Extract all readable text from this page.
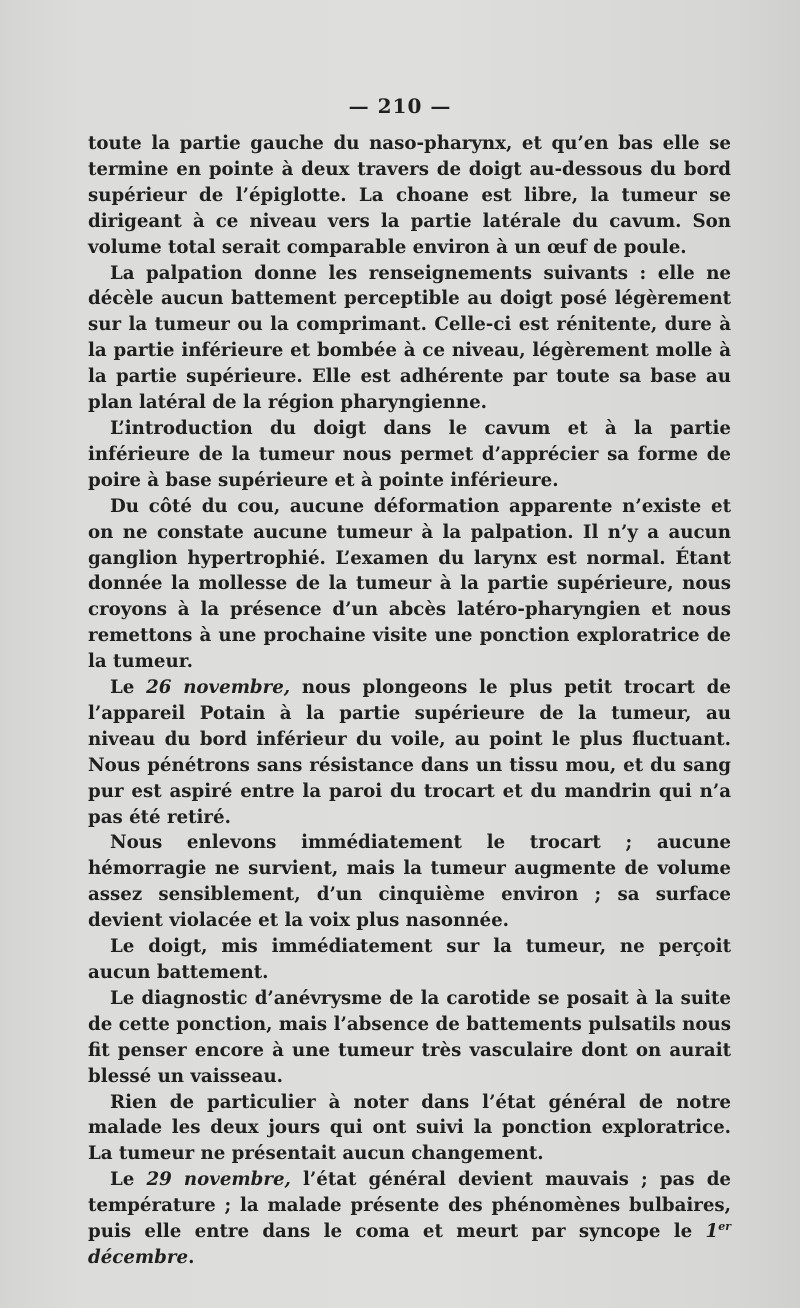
— 210 —

toute la partie gauche du naso-pharynx, et qu’en bas elle se termine en pointe à deux travers de doigt au-dessous du bord supérieur de l’épiglotte. La choane est libre, la tumeur se dirigeant à ce niveau vers la partie latérale du cavum. Son volume total serait comparable environ à un œuf de poule.

La palpation donne les renseignements suivants : elle ne décèle aucun battement perceptible au doigt posé légèrement sur la tumeur ou la comprimant. Celle-ci est rénitente, dure à la partie inférieure et bombée à ce niveau, légèrement molle à la partie supérieure. Elle est adhérente par toute sa base au plan latéral de la région pharyngienne.

L’introduction du doigt dans le cavum et à la partie inférieure de la tumeur nous permet d’apprécier sa forme de poire à base supérieure et à pointe inférieure.

Du côté du cou, aucune déformation apparente n’existe et on ne constate aucune tumeur à la palpation. Il n’y a aucun ganglion hypertrophié. L’examen du larynx est normal. Étant donnée la mollesse de la tumeur à la partie supérieure, nous croyons à la présence d’un abcès latéro-pharyngien et nous remettons à une prochaine visite une ponction exploratrice de la tumeur.

Le 26 novembre, nous plongeons le plus petit trocart de l’appareil Potain à la partie supérieure de la tumeur, au niveau du bord inférieur du voile, au point le plus fluctuant. Nous pénétrons sans résistance dans un tissu mou, et du sang pur est aspiré entre la paroi du trocart et du mandrin qui n’a pas été retiré.

Nous enlevons immédiatement le trocart ; aucune hémorragie ne survient, mais la tumeur augmente de volume assez sensiblement, d’un cinquième environ ; sa surface devient violacée et la voix plus nasonnée.

Le doigt, mis immédiatement sur la tumeur, ne perçoit aucun battement.

Le diagnostic d’anévrysme de la carotide se posait à la suite de cette ponction, mais l’absence de battements pulsatils nous fit penser encore à une tumeur très vasculaire dont on aurait blessé un vaisseau.

Rien de particulier à noter dans l’état général de notre malade les deux jours qui ont suivi la ponction exploratrice. La tumeur ne présentait aucun changement.

Le 29 novembre, l’état général devient mauvais ; pas de température ; la malade présente des phénomènes bulbaires, puis elle entre dans le coma et meurt par syncope le 1er décembre.
